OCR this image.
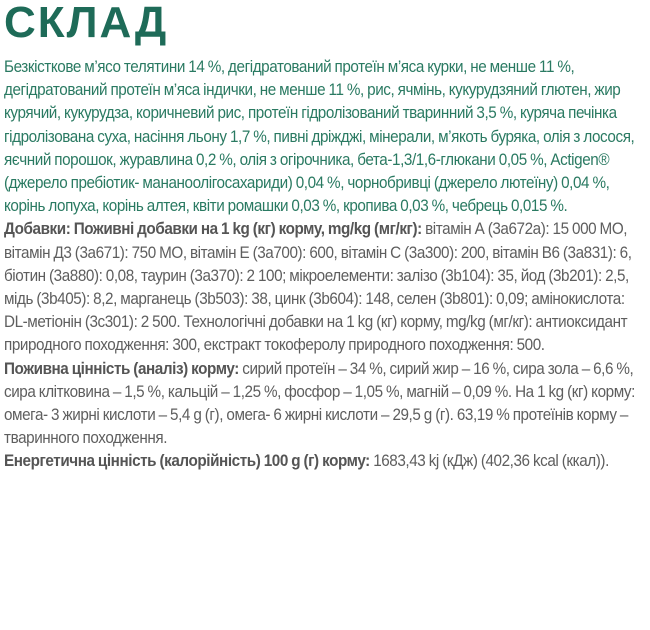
СКЛАД

Безкісткове м’ясо телятини 14 %, дегідратований протеїн м’яса курки, не менше 11 %, дегідратований протеїн м’яса індички, не менше 11 %, рис, ячмінь, кукурудзяний глютен, жир курячий, кукурудза, коричневий рис, протеїн гідролізований тваринний 3,5 %, куряча печінка гідролізована суха, насіння льону 1,7 %, пивні дріжджі, мінерали, м’якоть буряка, олія з лосося, яєчний порошок, журавлина 0,2 %, олія з огірочника, бета-1,3/1,6-глюкани 0,05 %, Actigen® (джерело пребіотик- мананоолігосахариди) 0,04 %, чорнобривці (джерело лютеїну) 0,04 %, корінь лопуха, корінь алтея, квіти ромашки 0,03 %, кропива 0,03 %, чебрець 0,015 %.

Добавки: Поживні добавки на 1 kg (кг) корму, mg/kg (мг/кг): вітамін А (3а672а): 15 000 МО, вітамін Д3 (3а671): 750 МО, вітамін Е (3а700): 600, вітамін С (3а300): 200, вітамін B6 (3а831): 6, біотин (3а880): 0,08, таурин (3а370): 2 100; мікроелементи: залізо (3b104): 35, йод (3b201): 2,5, мідь (3b405): 8,2, марганець (3b503): 38, цинк (3b604): 148, селен (3b801): 0,09; амінокислота: DL-метіонін (3c301): 2 500. Технологічні добавки на 1 kg (кг) корму, mg/kg (мг/кг): антиоксидант природного походження: 300, екстракт токоферолу природного походження: 500.

Поживна цінність (аналіз) корму: сирий протеїн – 34 %, сирий жир – 16 %, сира зола – 6,6 %, сира клітковина – 1,5 %, кальцій – 1,25 %, фосфор – 1,05 %, магній – 0,09 %. На 1 kg (кг) корму: омега- 3 жирні кислоти – 5,4 g (г), омега- 6 жирні кислоти – 29,5 g (г). 63,19 % протеїнів корму – тваринного походження.

Енергетична цінність (калорійність) 100 g (г) корму: 1683,43 kj (кДж) (402,36 kcal (ккал)).
